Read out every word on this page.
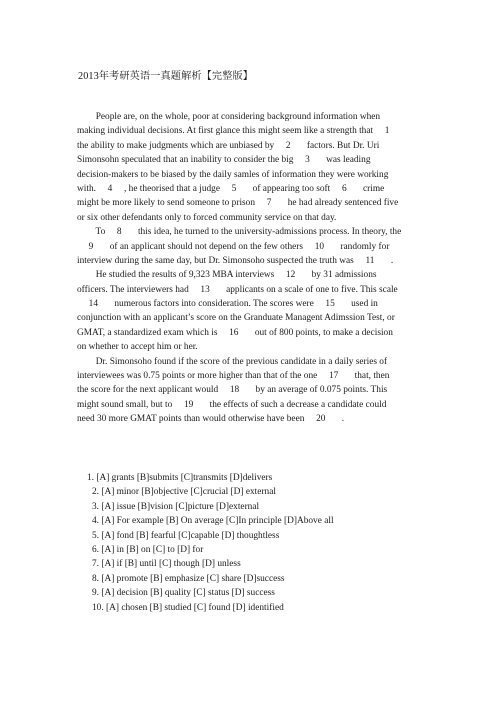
2013年考研英语一真题解析【完整版】
People are, on the whole, poor at considering background information when
making individual decisions. At first glance this might seem like a strength that     1
the ability to make judgments which are unbiased by     2       factors. But Dr. Uri
Simonsohn speculated that an inability to consider the big     3       was leading
decision-makers to be biased by the daily samles of information they were working
with.     4     , he theorised that a judge     5       of appearing too soft     6       crime
might be more likely to send someone to prison     7       he had already sentenced five
or six other defendants only to forced community service on that day.
To     8       this idea, he turned to the university-admissions process. In theory, the
9       of an applicant should not depend on the few others     10       randomly for
interview during the same day, but Dr. Simonsoho suspected the truth was     11       .
He studied the results of 9,323 MBA interviews     12       by 31 admissions
officers. The interviewers had     13       applicants on a scale of one to five. This scale
14       numerous factors into consideration. The scores were     15       used in
conjunction with an applicant’s score on the Granduate Managent Adimssion Test, or
GMAT, a standardized exam which is     16       out of 800 points, to make a decision
on whether to accept him or her.
Dr. Simonsoho found if the score of the previous candidate in a daily series of
interviewees was 0.75 points or more higher than that of the one     17       that, then
the score for the next applicant would     18       by an average of 0.075 points. This
might sound small, but to     19       the effects of such a decrease a candidate could
need 30 more GMAT points than would otherwise have been     20       .
1. [A] grants [B]submits [C]transmits [D]delivers
2. [A] minor [B]objective [C]crucial [D] external
3. [A] issue [B]vision [C]picture [D]external
4. [A] For example [B] On average [C]In principle [D]Above all
5. [A] fond [B] fearful [C]capable [D] thoughtless
6. [A] in [B] on [C] to [D] for
7. [A] if [B] until [C] though [D] unless
8. [A] promote [B] emphasize [C] share [D]success
9. [A] decision [B] quality [C] status [D] success
10. [A] chosen [B] studied [C] found [D] identified
